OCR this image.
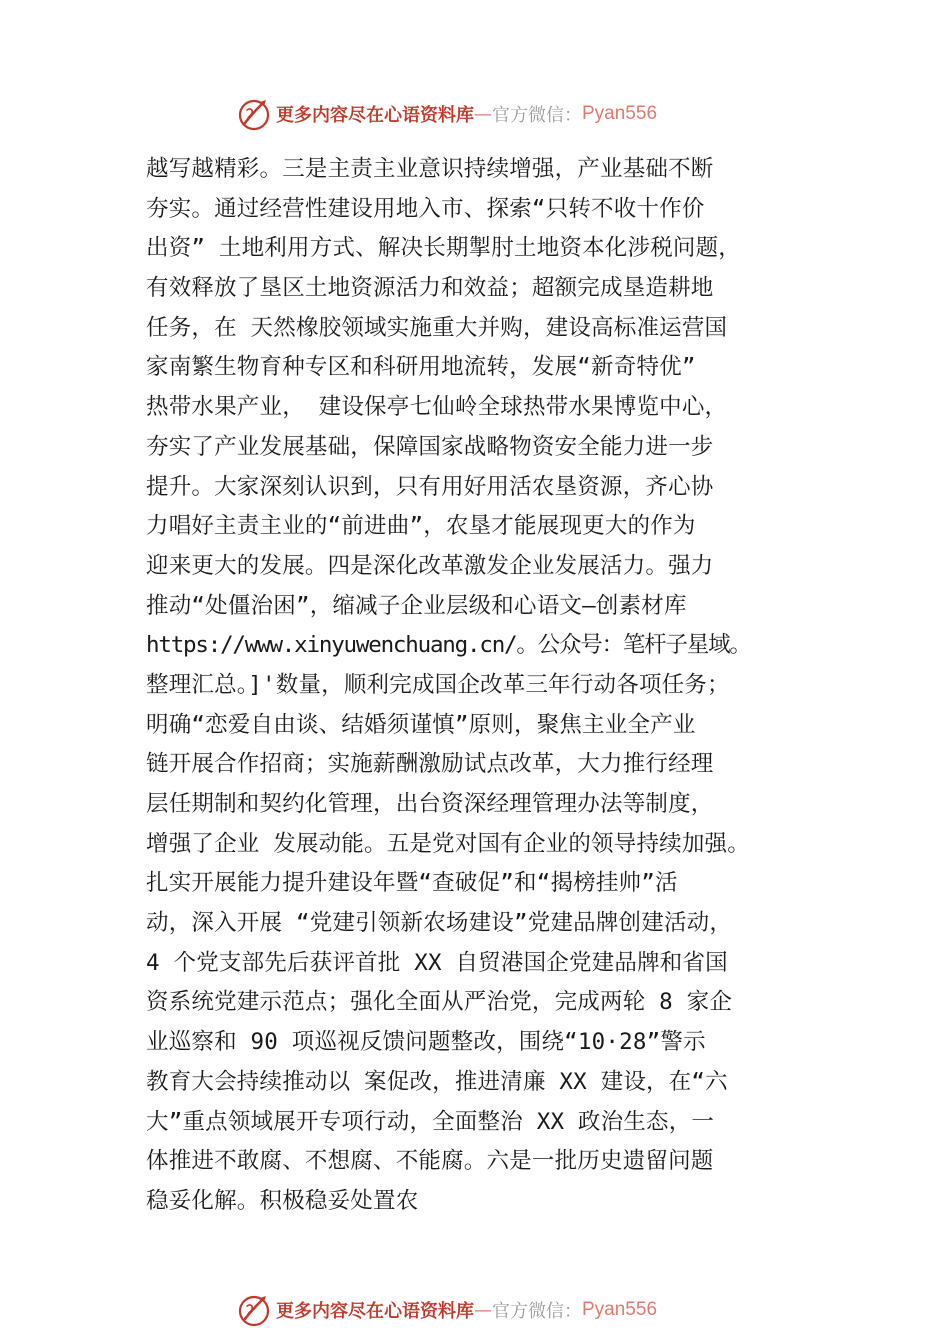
更多内容尽在心语资料库 — 官方微信： Pyan556
越写越精彩。三是主责主业意识持续增强，产业基础不断
夯实。通过经营性建设用地入市、探索“只转不收十作价
出资” 土地利用方式、解决长期掣肘土地资本化涉税问题，
有效释放了垦区土地资源活力和效益；超额完成垦造耕地
任务，在 天然橡胶领域实施重大并购，建设高标准运营国
家南繁生物育种专区和科研用地流转，发展“新奇特优”
热带水果产业， 建设保亭七仙岭全球热带水果博览中心，
夯实了产业发展基础，保障国家战略物资安全能力进一步
提升。大家深刻认识到，只有用好用活农垦资源，齐心协
力唱好主责主业的“前进曲”，农垦才能展现更大的作为
迎来更大的发展。四是深化改革激发企业发展活力。强力
推动“处僵治困”，缩减子企业层级和心语文—创素材库
https://www.xinyuwenchuang.cn/。公众号：笔杆子星域。
整理汇总。]'数量，顺利完成国企改革三年行动各项任务；
明确“恋爱自由谈、结婚须谨慎”原则，聚焦主业全产业
链开展合作招商；实施薪酬激励试点改革，大力推行经理
层任期制和契约化管理，出台资深经理管理办法等制度，
增强了企业 发展动能。五是党对国有企业的领导持续加强。
扎实开展能力提升建设年暨“查破促”和“揭榜挂帅”活
动，深入开展 “党建引领新农场建设”党建品牌创建活动，
4 个党支部先后获评首批 XX 自贸港国企党建品牌和省国
资系统党建示范点；强化全面从严治党，完成两轮 8 家企
业巡察和 90 项巡视反馈问题整改，围绕“10·28”警示
教育大会持续推动以 案促改，推进清廉 XX 建设，在“六
大”重点领域展开专项行动，全面整治 XX 政治生态，一
体推进不敢腐、不想腐、不能腐。六是一批历史遗留问题
稳妥化解。积极稳妥处置农
更多内容尽在心语资料库 — 官方微信： Pyan556
